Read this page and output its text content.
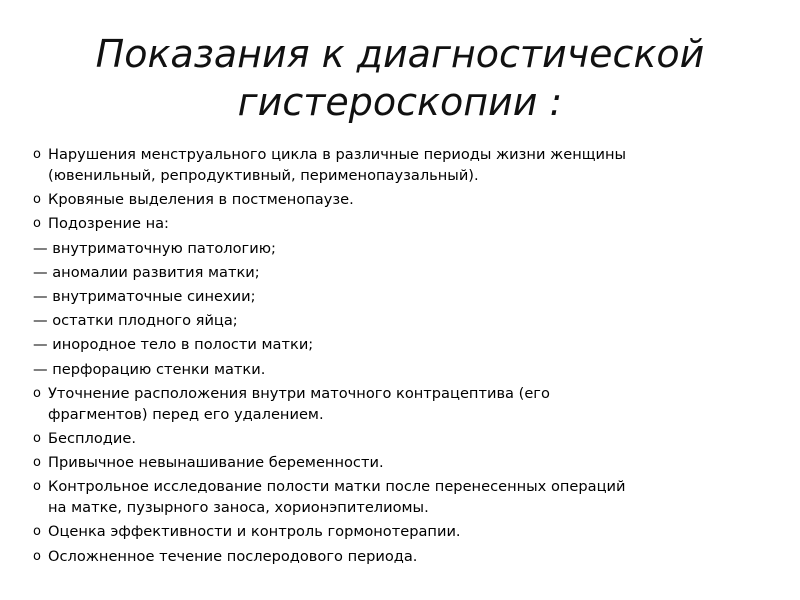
Показания к диагностической
гистероскопии :
o Нарушения менструального цикла в различные периоды жизни женщины
(ювенильный, репродуктивный, перименопаузальный).
o Кровяные выделения в постменопаузе.
o Подозрение на:
— внутриматочную патологию;
— аномалии развития матки;
— внутриматочные синехии;
— остатки плодного яйца;
— инородное тело в полости матки;
— перфорацию стенки матки.
o Уточнение расположения внутри маточного контрацептива (его
фрагментов) перед его удалением.
o Бесплодие.
o Привычное невынашивание беременности.
o Контрольное исследование полости матки после перенесенных операций
на матке, пузырного заноса, хорионэпителиомы.
o Оценка эффективности и контроль гормонотерапии.
o Осложненное течение послеродового периода.
